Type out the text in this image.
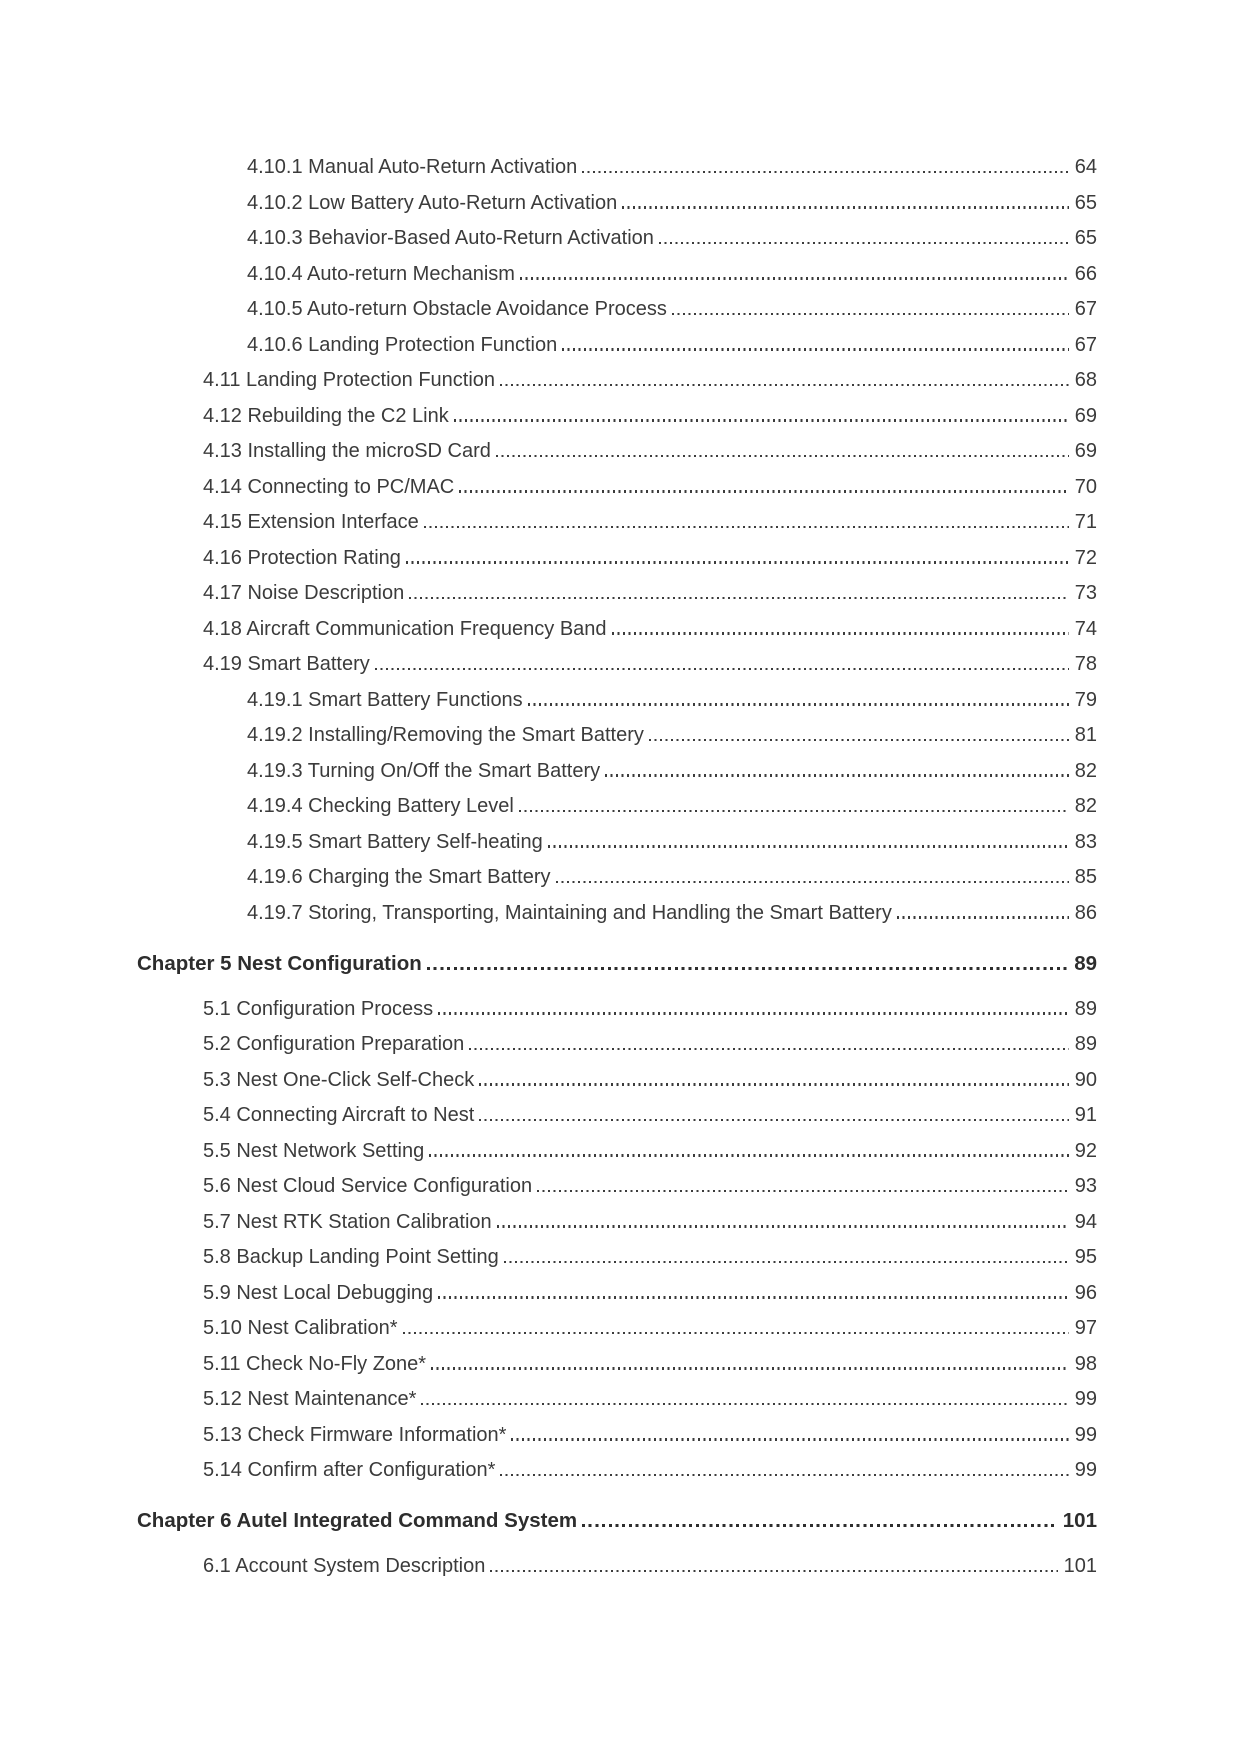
4.10.1 Manual Auto-Return Activation	64
4.10.2 Low Battery Auto-Return Activation	65
4.10.3 Behavior-Based Auto-Return Activation	65
4.10.4 Auto-return Mechanism	66
4.10.5 Auto-return Obstacle Avoidance Process	67
4.10.6 Landing Protection Function	67
4.11 Landing Protection Function	68
4.12 Rebuilding the C2 Link	69
4.13 Installing the microSD Card	69
4.14 Connecting to PC/MAC	70
4.15 Extension Interface	71
4.16 Protection Rating	72
4.17 Noise Description	73
4.18 Aircraft Communication Frequency Band	74
4.19 Smart Battery	78
4.19.1 Smart Battery Functions	79
4.19.2 Installing/Removing the Smart Battery	81
4.19.3 Turning On/Off the Smart Battery	82
4.19.4 Checking Battery Level	82
4.19.5 Smart Battery Self-heating	83
4.19.6 Charging the Smart Battery	85
4.19.7 Storing, Transporting, Maintaining and Handling the Smart Battery	86
Chapter 5 Nest Configuration	89
5.1 Configuration Process	89
5.2 Configuration Preparation	89
5.3 Nest One-Click Self-Check	90
5.4 Connecting Aircraft to Nest	91
5.5 Nest Network Setting	92
5.6 Nest Cloud Service Configuration	93
5.7 Nest RTK Station Calibration	94
5.8 Backup Landing Point Setting	95
5.9 Nest Local Debugging	96
5.10 Nest Calibration*	97
5.11 Check No-Fly Zone*	98
5.12 Nest Maintenance*	99
5.13 Check Firmware Information*	99
5.14 Confirm after Configuration*	99
Chapter 6 Autel Integrated Command System	101
6.1 Account System Description	101
